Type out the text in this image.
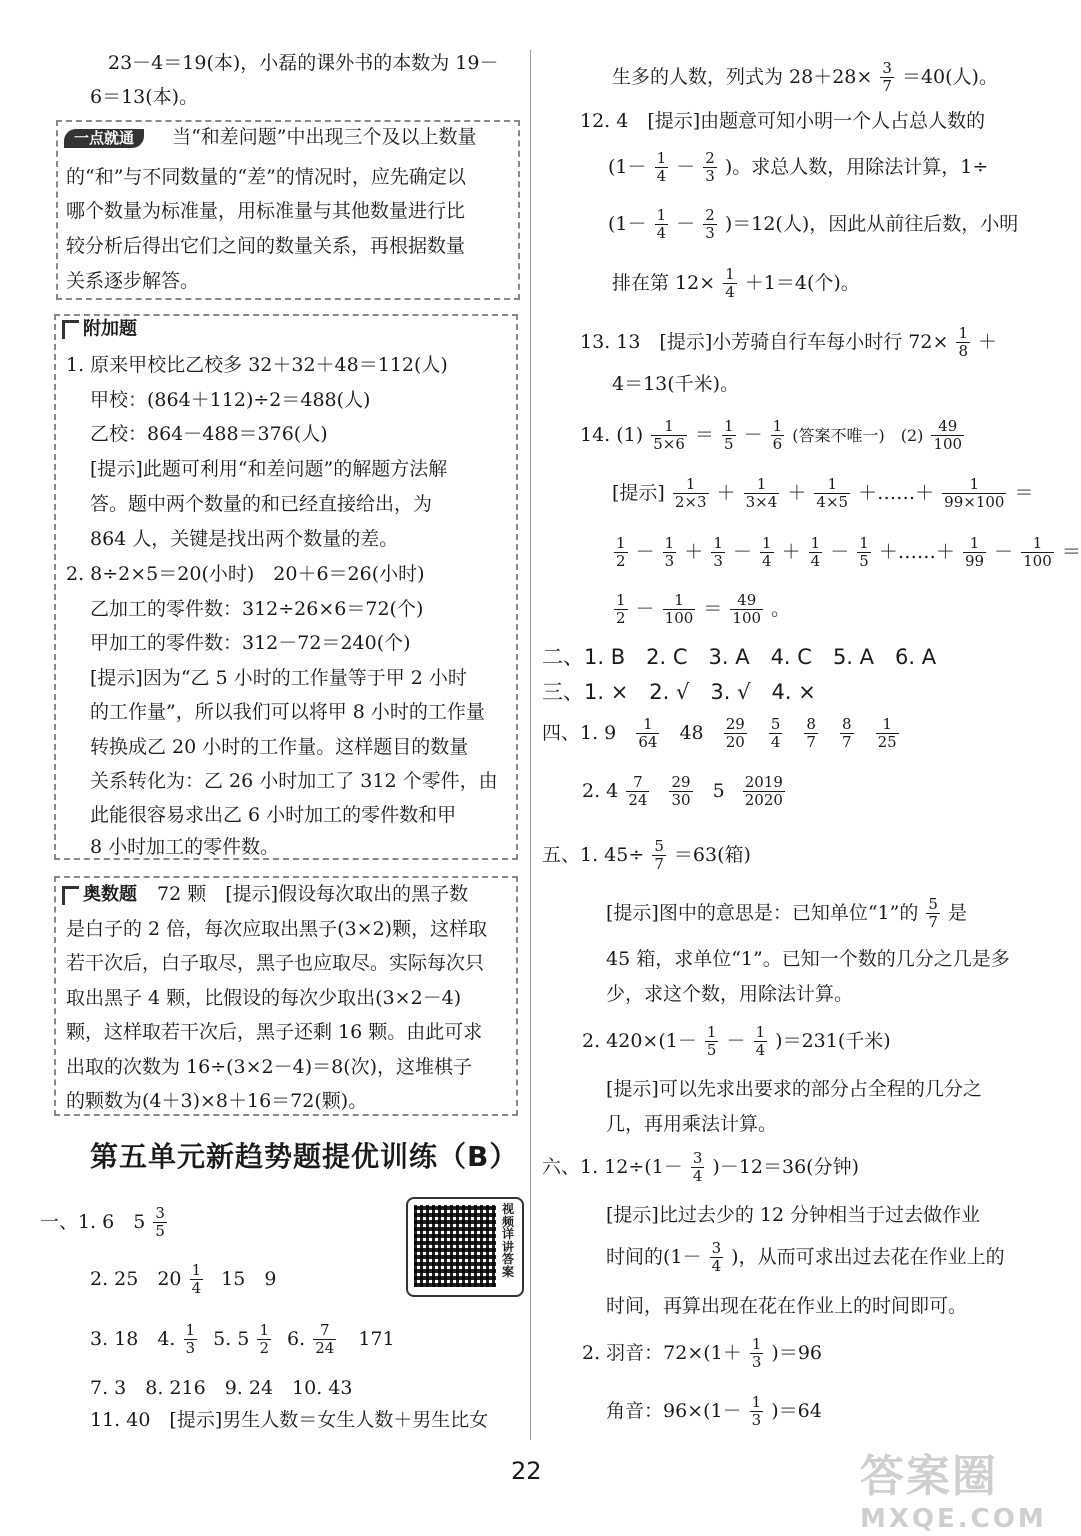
23－4＝19(本)，小磊的课外书的本数为 19－
6＝13(本)。
一点就通 当“和差问题”中出现三个及以上数量
的“和”与不同数量的“差”的情况时，应先确定以
哪个数量为标准量，用标准量与其他数量进行比
较分析后得出它们之间的数量关系，再根据数量
关系逐步解答。
附加题
1. 原来甲校比乙校多 32＋32＋48＝112(人)
甲校：(864＋112)÷2＝488(人)
乙校：864－488＝376(人)
[提示]此题可利用“和差问题”的解题方法解
答。题中两个数量的和已经直接给出，为
864 人，关键是找出两个数量的差。
2. 8÷2×5＝20(小时)　20＋6＝26(小时)
乙加工的零件数：312÷26×6＝72(个)
甲加工的零件数：312－72＝240(个)
[提示]因为“乙 5 小时的工作量等于甲 2 小时
的工作量”，所以我们可以将甲 8 小时的工作量
转换成乙 20 小时的工作量。这样题目的数量
关系转化为：乙 26 小时加工了 312 个零件，由
此能很容易求出乙 6 小时加工的零件数和甲
8 小时加工的零件数。
奥数题 72 颗　[提示]假设每次取出的黑子数
是白子的 2 倍，每次应取出黑子(3×2)颗，这样取
若干次后，白子取尽，黑子也应取尽。实际每次只
取出黑子 4 颗，比假设的每次少取出(3×2－4)
颗，这样取若干次后，黑子还剩 16 颗。由此可求
出取的次数为 16÷(3×2－4)＝8(次)，这堆棋子
的颗数为(4＋3)×8＋16＝72(颗)。
第五单元新趋势题提优训练（B）
视频详讲答案
一、1. 6　$5 \frac{3}{5}$
2. 25　$20 \frac{1}{4} 15$　9
3. 18　4. $\frac{1}{3} 5$. $5 \frac{1}{2} 6$. $\frac{7}{24} 171$
7. 3　8. 216　9. 24　10. 43
11. 40　[提示]男生人数＝女生人数＋男生比女
生多的人数，列式为 $28+28\times \frac{3}{7} =40$(人)。
12. 4　[提示]由题意可知小明一个人占总人数的
($1- \frac{1}{4} - \frac{2}{3}$ )。求总人数，用除法计算，1÷
$(1- \frac{1}{4} - \frac{2}{3} )=12$(人)，因此从前往后数，小明
排在第 $12\times \frac{1}{4} +1=4$(个)。
13. 13　[提示]小芳骑自行车每小时行 $72\times \frac{1}{8}$ ＋
4＝13(千米)。
14. $(1) \frac{1}{5\times 6} = \frac{1}{5} - \frac{1}{6}$ (答案不唯一)　$(2) \frac{49}{100}$
[提示] $\frac{1}{2\times 3} + \frac{1}{3\times 4} + \frac{1}{4\times 5}$ ＋……＋ $\frac{1}{99\times 100}$ ＝
$\frac{1}{2} - \frac{1}{3} + \frac{1}{3} - \frac{1}{4} + \frac{1}{4} - \frac{1}{5}$ ＋……＋ $\frac{1}{99} - \frac{1}{100}$ ＝
$\frac{1}{2} - \frac{1}{100} = \frac{49}{100}$ 。
二、1. B　2. C　3. A　4. C　5. A　6. A
三、1. ×　2. √　3. √　4. ×
四、1. $9 \frac{1}{64} 48 \frac{29}{20}$
$\frac{5}{4}$
$\frac{8}{7}$
$\frac{8}{7}$
$\frac{1}{25}$
2. $4 \frac{7}{24}$
$\frac{29}{30} 5 \frac{2019}{2020}$
五、1. $45\div \frac{5}{7} =63$(箱)
[提示]图中的意思是：已知单位“1”的 $\frac{5}{7}$ 是
45 箱，求单位“1”。已知一个数的几分之几是多
少，求这个数，用除法计算。
2. $420\times(1- \frac{1}{5} - \frac{1}{4} )=231$(千米)
[提示]可以先求出要求的部分占全程的几分之
几，再用乘法计算。
六、1. $12\div(1- \frac{3}{4} )-12=36$(分钟)
[提示]比过去少的 12 分钟相当于过去做作业
时间的($1- \frac{3}{4}$ )，从而可求出过去花在作业上的
时间，再算出现在花在作业上的时间即可。
2. 羽音：$72\times(1+ \frac{1}{3} )=96$
角音：$96\times(1- \frac{1}{3} )=64$
22	答案圈
MXQE.COM
